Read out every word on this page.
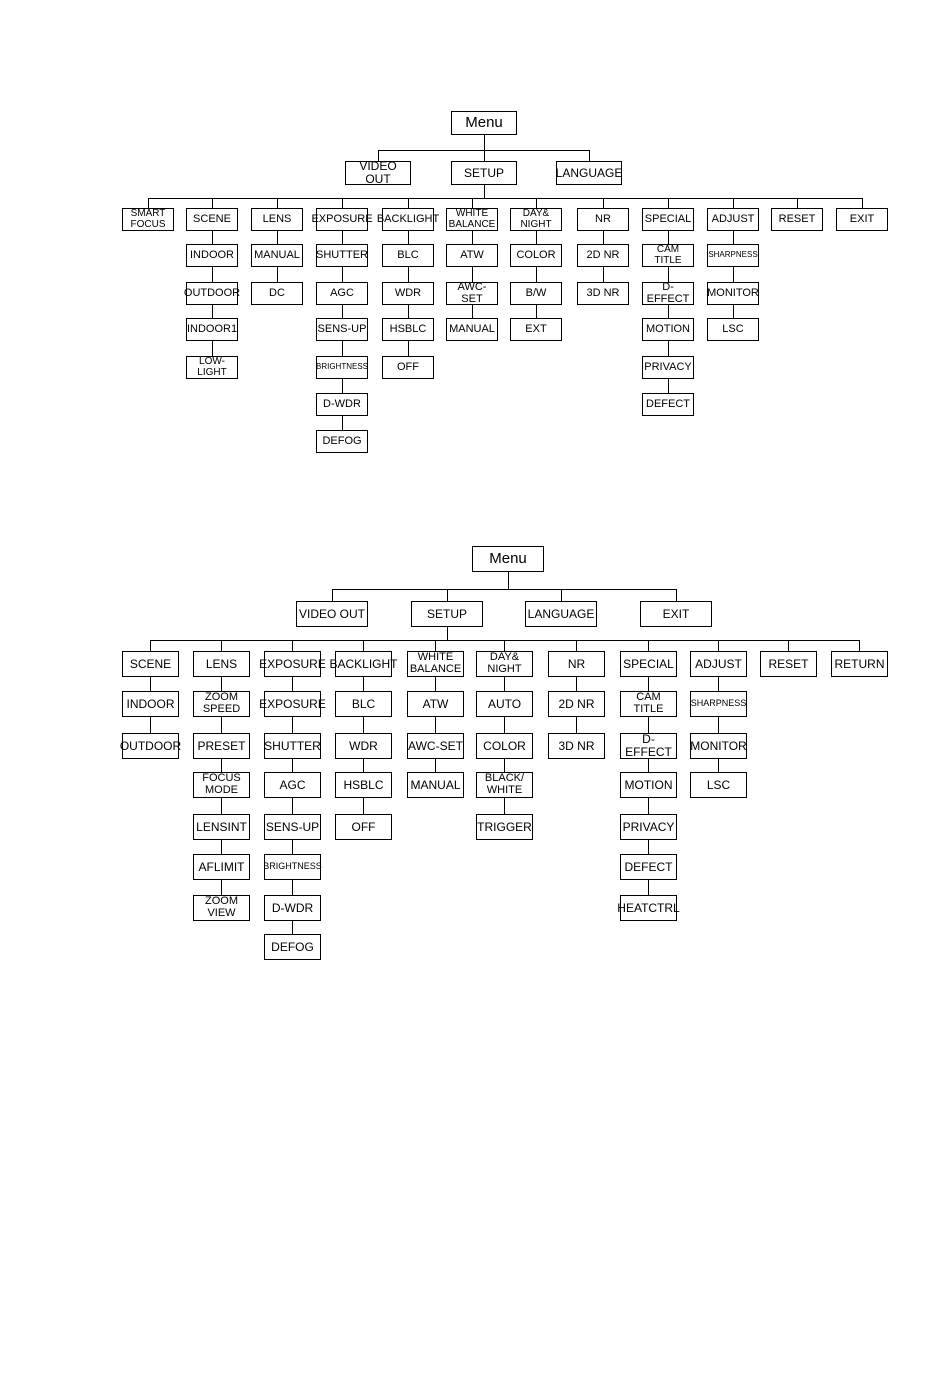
Menu
VIDEO OUT	SETUP	LANGUAGE
SMART
FOCUS	SCENE
INDOOR
OUTDOOR
INDOOR1
LOW-LIGHT
LENS
MANUAL
DC
EXPOSURE
SHUTTER
AGC
SENS-UP
BRIGHTNESS
D-WDR
DEFOG
BACKLIGHT
BLC
WDR
HSBLC
OFF
WHITE
BALANCE
ATW
AWC-SET
MANUAL
DAY&
NIGHT
COLOR
B/W
EXT
NR
2D NR
3D NR
SPECIAL
CAM TITLE
D-EFFECT
MOTION
PRIVACY
DEFECT
ADJUST
SHARPNESS
MONITOR
LSC
RESET	EXIT
Menu
VIDEO OUT	SETUP	LANGUAGE	EXIT
SCENE
INDOOR
OUTDOOR
LENS
ZOOM
SPEED
PRESET
FOCUS
MODE
LENSINT
AFLIMIT
ZOOM
VIEW
EXPOSURE
EXPOSURE
SHUTTER
AGC
SENS-UP
BRIGHTNESS
D-WDR
DEFOG
BACKLIGHT
BLC
WDR
HSBLC
OFF
WHITE
BALANCE
ATW
AWC-SET
MANUAL
DAY&
NIGHT
AUTO
COLOR
BLACK/
WHITE
TRIGGER
NR
2D NR
3D NR
SPECIAL
CAM TITLE
D-EFFECT
MOTION
PRIVACY
DEFECT
HEATCTRL
ADJUST
SHARPNESS
MONITOR
LSC
RESET	RETURN
